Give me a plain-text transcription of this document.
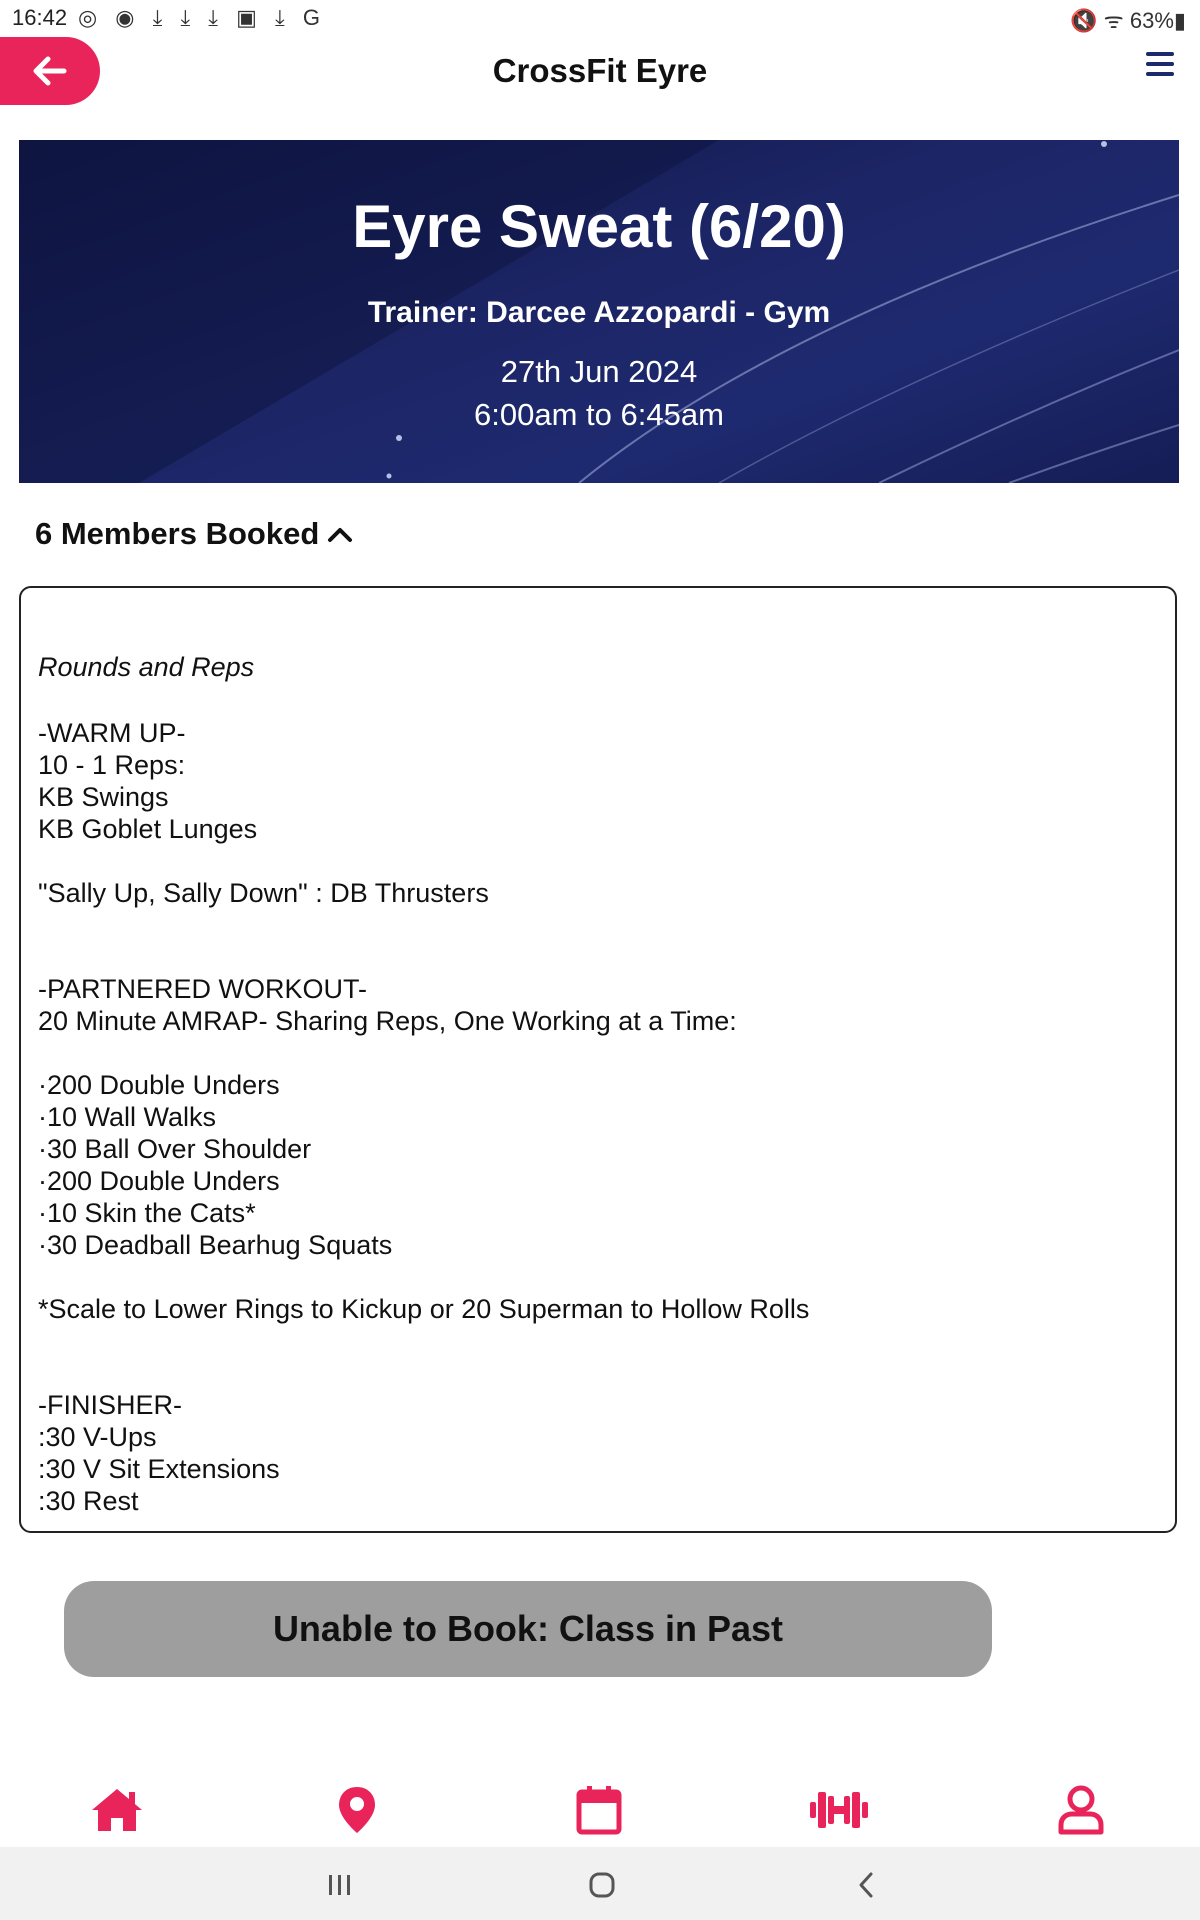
16:42 ◎ ◉ ⤓ ⤓ ⤓ ▣ ⤓ G	🔇 ᯤ 63%▮
CrossFit Eyre
Eyre Sweat (6/20)
Trainer: Darcee Azzopardi - Gym
27th Jun 2024
6:00am to 6:45am
6 Members Booked
Rounds and Reps
-WARM UP-
10 - 1 Reps:
KB Swings
KB Goblet Lunges
"Sally Up, Sally Down" : DB Thrusters
-PARTNERED WORKOUT-
20 Minute AMRAP- Sharing Reps, One Working at a Time:
·200 Double Unders
·10 Wall Walks
·30 Ball Over Shoulder
·200 Double Unders
·10 Skin the Cats*
·30 Deadball Bearhug Squats
*Scale to Lower Rings to Kickup or 20 Superman to Hollow Rolls
-FINISHER-
:30 V-Ups
:30 V Sit Extensions
:30 Rest
Unable to Book: Class in Past
